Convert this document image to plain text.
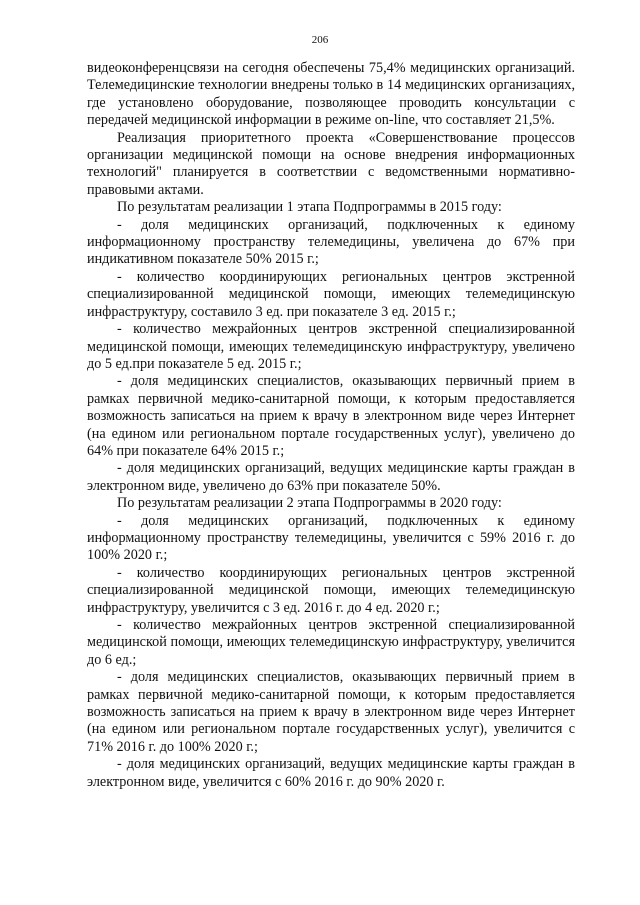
206

видеоконференцсвязи на сегодня обеспечены 75,4% медицинских организаций. Телемедицинские технологии внедрены только в 14 медицинских организациях, где установлено оборудование, позволяющее проводить консультации с передачей медицинской информации в режиме on-line, что составляет 21,5%.

Реализация приоритетного проекта «Совершенствование процессов организации медицинской помощи на основе внедрения информационных технологий" планируется в соответствии с ведомственными нормативно-правовыми актами.

По результатам реализации 1 этапа Подпрограммы в 2015 году:

- доля медицинских организаций, подключенных к единому информационному пространству телемедицины, увеличена до 67% при индикативном показателе 50% 2015 г.;

- количество координирующих региональных центров экстренной специализированной медицинской помощи, имеющих телемедицинскую инфраструктуру, составило 3 ед. при показателе 3 ед. 2015 г.;

- количество межрайонных центров экстренной специализированной медицинской помощи, имеющих телемедицинскую инфраструктуру, увеличено до 5 ед.при показателе 5 ед. 2015 г.;

- доля медицинских специалистов, оказывающих первичный прием в рамках первичной медико-санитарной помощи, к которым предоставляется возможность записаться на прием к врачу в электронном виде через Интернет (на едином или региональном портале государственных услуг), увеличено до 64% при показателе 64% 2015 г.;

- доля медицинских организаций, ведущих медицинские карты граждан в электронном виде, увеличено до 63% при показателе 50%.

По результатам реализации 2 этапа Подпрограммы в 2020 году:

- доля медицинских организаций, подключенных к единому информационному пространству телемедицины, увеличится с 59% 2016 г. до 100% 2020 г.;

- количество координирующих региональных центров экстренной специализированной медицинской помощи, имеющих телемедицинскую инфраструктуру, увеличится с 3 ед. 2016 г. до 4 ед. 2020 г.;

- количество межрайонных центров экстренной специализированной медицинской помощи, имеющих телемедицинскую инфраструктуру, увеличится до 6 ед.;

- доля медицинских специалистов, оказывающих первичный прием в рамках первичной медико-санитарной помощи, к которым предоставляется возможность записаться на прием к врачу в электронном виде через Интернет (на едином или региональном портале государственных услуг), увеличится с 71% 2016 г. до 100% 2020 г.;

- доля медицинских организаций, ведущих медицинские карты граждан в электронном виде, увеличится с 60% 2016 г. до 90% 2020 г.
